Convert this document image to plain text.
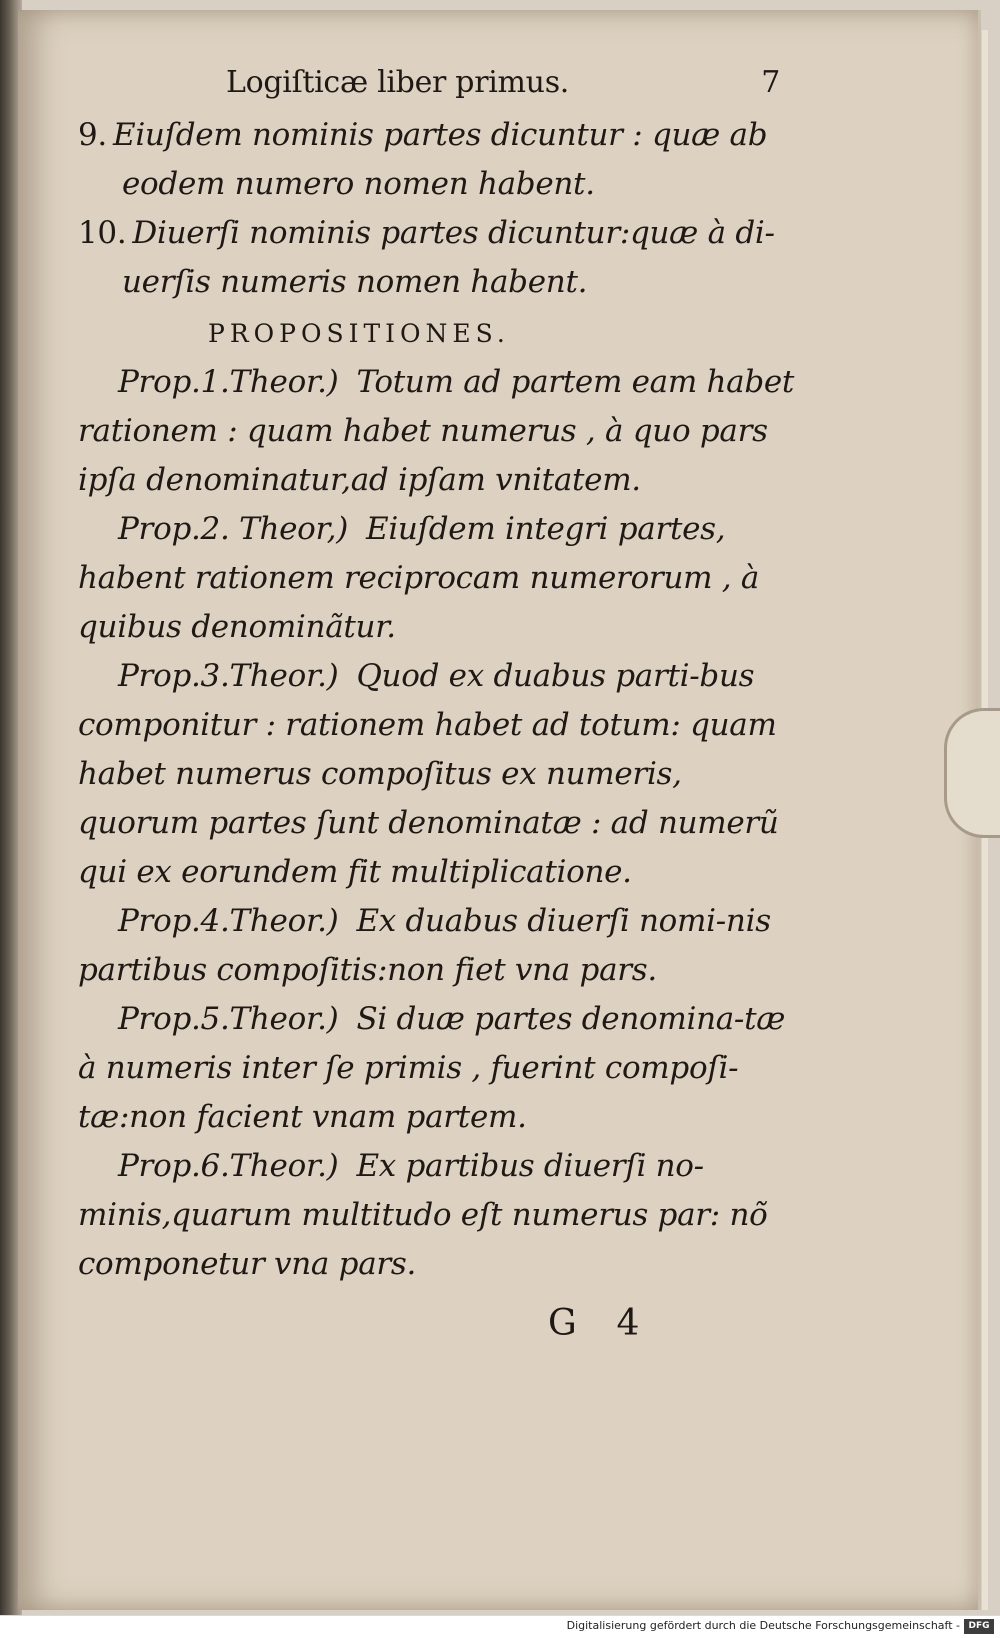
Logiſticæ liber primus.	7
9. Eiuſdem nominis partes dicuntur : quæ ab
eodem numero nomen habent.
10. Diuerſi nominis partes dicuntur:quæ à di-
uerſis numeris nomen habent.
PROPOSITIONES.

Prop.1.Theor.) Totum ad partem eam habet rationem : quam habet numerus , à quo pars ipſa denominatur,ad ipſam vnitatem.

Prop.2. Theor,) Eiuſdem integri partes, habent rationem reciprocam numerorum , à quibus denominãtur.

Prop.3.Theor.) Quod ex duabus parti-bus componitur : rationem habet ad totum: quam habet numerus compoſitus ex numeris, quorum partes ſunt denominatæ : ad numerũ qui ex eorundem fit multiplicatione.

Prop.4.Theor.) Ex duabus diuerſi nomi-nis partibus compoſitis:non fiet vna pars.

Prop.5.Theor.) Si duæ partes denomina-tæ à numeris inter ſe primis , fuerint compoſi-tæ:non facient vnam partem.

Prop.6.Theor.) Ex partibus diuerſi no-minis,quarum multitudo eſt numerus par: nõ componetur vna pars.

G 4
Digitalisierung gefördert durch die Deutsche Forschungsgemeinschaft - DFG
